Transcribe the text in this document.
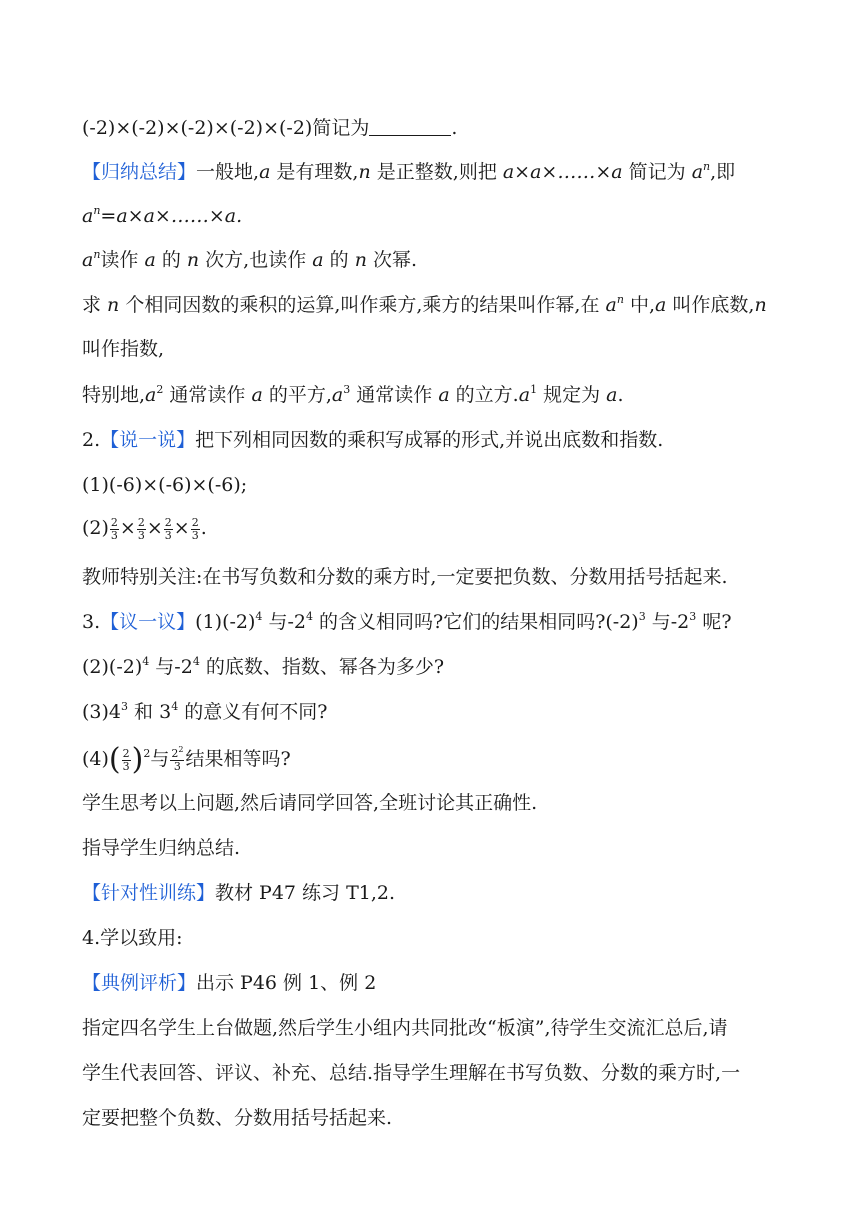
(-2)×(-2)×(-2)×(-2)×(-2)简记为	.
【归纳总结】一般地,a 是有理数,n 是正整数,则把 a×a×……×a 简记为 $a^n$,即
$a^n=a\times a\times\dots\dots\times a$.
$a^n$读作 a 的 n 次方,也读作 a 的 n 次幂.
求 n 个相同因数的乘积的运算,叫作乘方,乘方的结果叫作幂,在 $a^n$ 中,a 叫作底数,n
叫作指数,
特别地$,a^2$ 通常读作 a 的平方$,a^3$ 通常读作 a 的立方$.a^1$ 规定为 a.
2.【说一说】把下列相同因数的乘积写成幂的形式,并说出底数和指数.
(1)(-6)×(-6)×(-6);
$(2) \frac{2}{3} \times \frac{2}{3} \times \frac{2}{3} \times \frac{2}{3}$ .
教师特别关注:在书写负数和分数的乘方时,一定要把负数、分数用括号括起来.
3.【议一议】$(1)(-2)^4$ 与$-2^4$ 的含义相同吗?它们的结果相同吗$?(-2)^3$ 与$-2^3$ 呢?
$(2)(-2)^4$ 与$-2^4$ 的底数、指数、幂各为多少?
$(3)4^3$ 和 $3^4$ 的意义有何不同?
$(4)( \frac{2}{3} )^2$与 $\frac{2^2}{3}$ 结果相等吗?
学生思考以上问题,然后请同学回答,全班讨论其正确性.
指导学生归纳总结.
【针对性训练】教材 P47 练习 T1,2.
4.学以致用:
【典例评析】出示 P46 例 1、例 2
指定四名学生上台做题,然后学生小组内共同批改“板演”,待学生交流汇总后,请
学生代表回答、评议、补充、总结.指导学生理解在书写负数、分数的乘方时,一
定要把整个负数、分数用括号括起来.
